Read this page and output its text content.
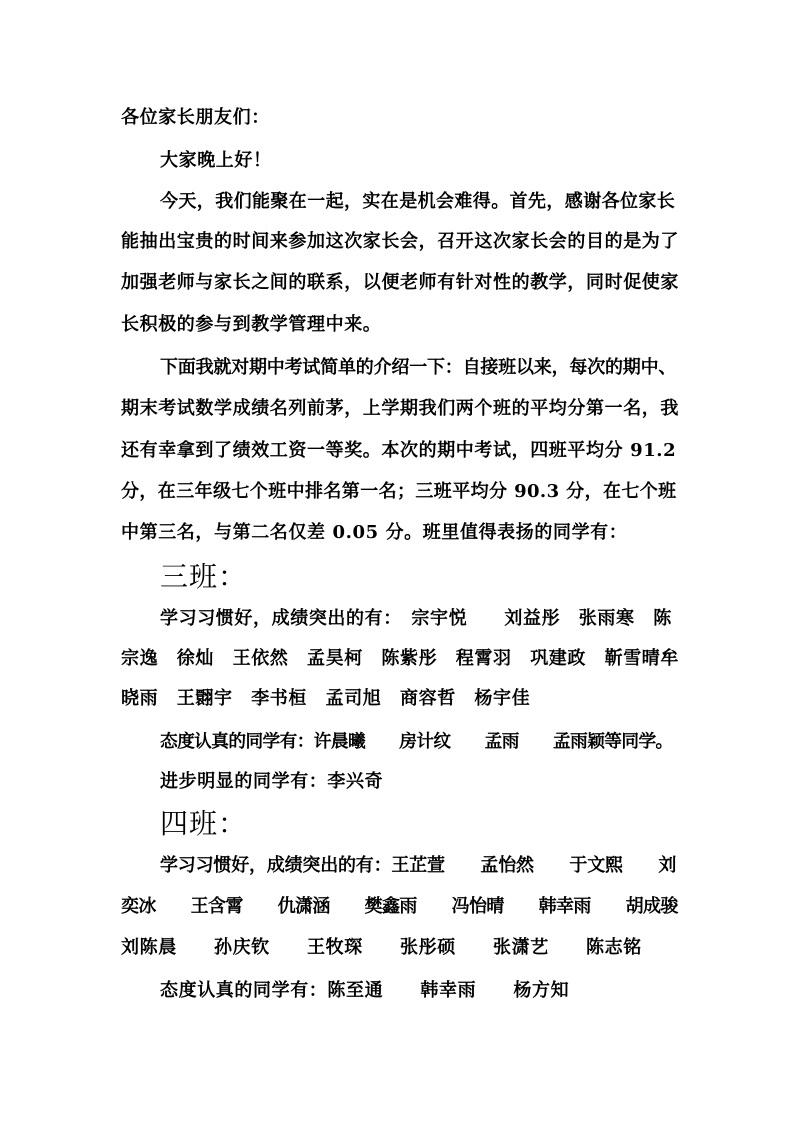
各位家长朋友们：
大家晚上好！
今天，我们能聚在一起，实在是机会难得。首先，感谢各位家长
能抽出宝贵的时间来参加这次家长会，召开这次家长会的目的是为了
加强老师与家长之间的联系，以便老师有针对性的教学，同时促使家
长积极的参与到教学管理中来。
下面我就对期中考试简单的介绍一下：自接班以来，每次的期中、
期末考试数学成绩名列前茅，上学期我们两个班的平均分第一名，我
还有幸拿到了绩效工资一等奖。本次的期中考试，四班平均分 91.2
分，在三年级七个班中排名第一名；三班平均分 90.3 分，在七个班
中第三名，与第二名仅差 0.05 分。班里值得表扬的同学有：
三班：
学习习惯好，成绩突出的有：　宗宇悦　　刘益彤　张雨寒　陈
宗逸　徐灿　王依然　孟昊柯　陈紫彤　程霄羽　巩建政　靳雪晴牟
晓雨　王翾宇　李书桓　孟司旭　商容哲　杨宇佳
态度认真的同学有：许晨曦　　房计纹　　孟雨　　孟雨颖等同学。
进步明显的同学有：李兴奇
四班：
学习习惯好，成绩突出的有：王芷萱　　孟怡然　　于文熙　　刘
奕冰　　王含霄　　仇潇涵　　樊鑫雨　　冯怡晴　　韩幸雨　　胡成骏
刘陈晨　　孙庆钦　　王牧琛　　张彤硕　　张潇艺　　陈志铭
态度认真的同学有：陈至通　　韩幸雨　　杨方知
